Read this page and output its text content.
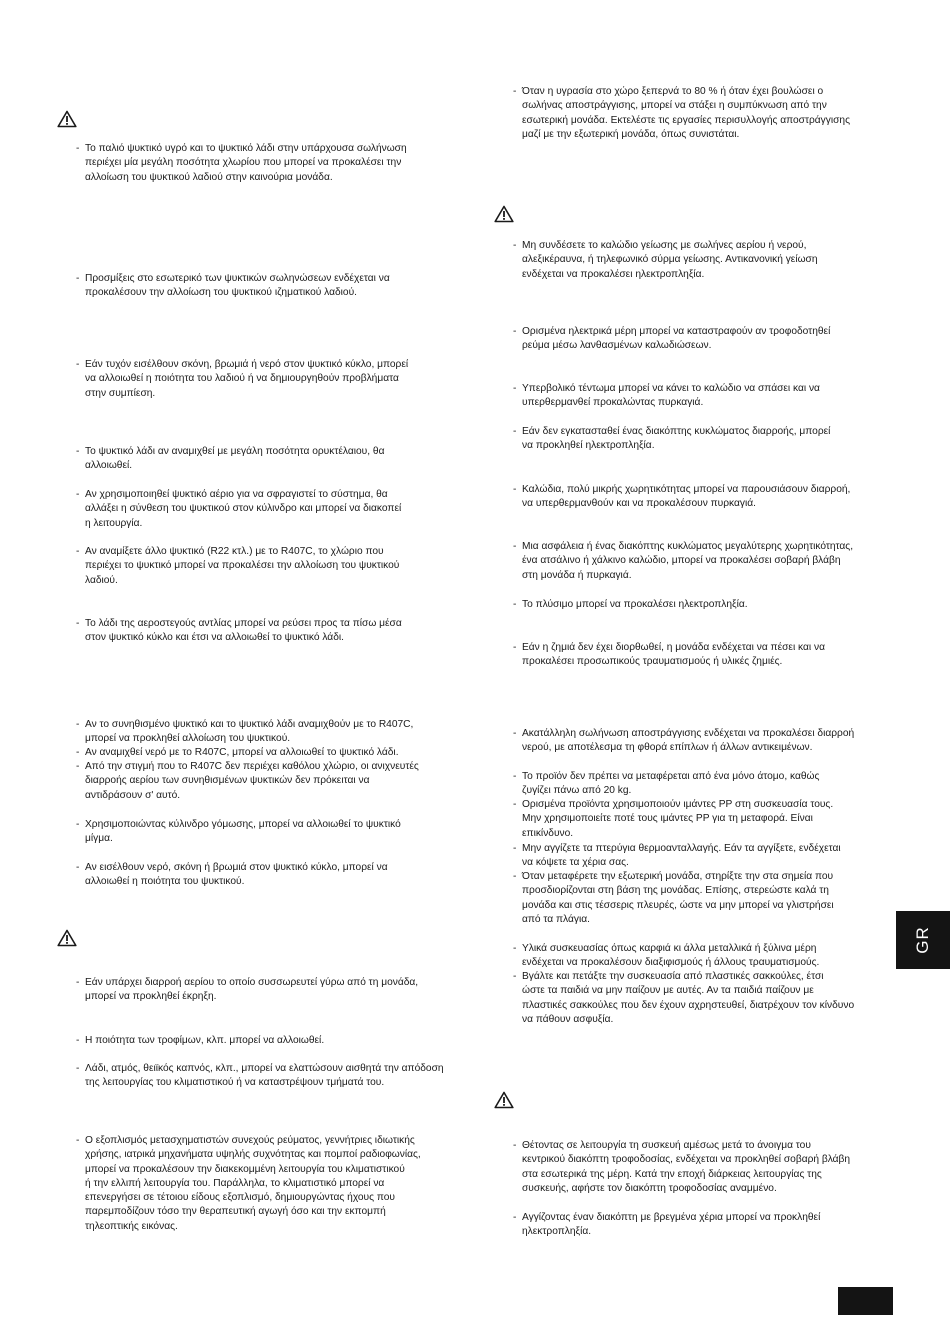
- Το παλιό ψυκτικό υγρό και το ψυκτικό λάδι στην υπάρχουσα σωλήνωση
περιέχει μία μεγάλη ποσότητα χλωρίου που μπορεί να προκαλέσει την
αλλοίωση του ψυκτικού λαδιού στην καινούρια μονάδα.
- Προσμίξεις στο εσωτερικό των ψυκτικών σωληνώσεων ενδέχεται να
προκαλέσουν την αλλοίωση του ψυκτικού ιζηματικού λαδιού.
- Εάν τυχόν εισέλθουν σκόνη, βρωμιά ή νερό στον ψυκτικό κύκλο, μπορεί
να αλλοιωθεί η ποιότητα του λαδιού ή να δημιουργηθούν προβλήματα
στην συμπίεση.
- Το ψυκτικό λάδι αν αναμιχθεί με μεγάλη ποσότητα ορυκτέλαιου, θα
αλλοιωθεί.
- Αν χρησιμοποιηθεί ψυκτικό αέριο για να σφραγιστεί το σύστημα, θα
αλλάξει η σύνθεση του ψυκτικού στον κύλινδρο και μπορεί να διακοπεί
η λειτουργία.
- Αν αναμίξετε άλλο ψυκτικό (R22 κτλ.) με το R407C, το χλώριο που
περιέχει το ψυκτικό μπορεί να προκαλέσει την αλλοίωση του ψυκτικού
λαδιού.
- Το λάδι της αεροστεγούς αντλίας μπορεί να ρεύσει προς τα πίσω μέσα
στον ψυκτικό κύκλο και έτσι να αλλοιωθεί το ψυκτικό λάδι.
- Αν το συνηθισμένο ψυκτικό και το ψυκτικό λάδι αναμιχθούν με το R407C,
μπορεί να προκληθεί αλλοίωση του ψυκτικού.
- Αν αναμιχθεί νερό με το R407C, μπορεί να αλλοιωθεί το ψυκτικό λάδι.
- Από την στιγμή που το R407C δεν περιέχει καθόλου χλώριο, οι ανιχνευτές
διαρροής αερίου των συνηθισμένων ψυκτικών δεν πρόκειται να
αντιδράσουν σ' αυτό.
- Χρησιμοποιώντας κύλινδρο γόμωσης, μπορεί να αλλοιωθεί το ψυκτικό
μίγμα.
- Αν εισέλθουν νερό, σκόνη ή βρωμιά στον ψυκτικό κύκλο, μπορεί να
αλλοιωθεί η ποιότητα του ψυκτικού.
- Εάν υπάρχει διαρροή αερίου το οποίο συσσωρευτεί γύρω από τη μονάδα,
μπορεί να προκληθεί έκρηξη.
- Η ποιότητα των τροφίμων, κλπ. μπορεί να αλλοιωθεί.
- Λάδι, ατμός, θειϊκός καπνός, κλπ., μπορεί να ελαττώσουν αισθητά την απόδοση
της λειτουργίας του κλιματιστικού ή να καταστρέψουν τμήματά του.
- Ο εξοπλισμός μετασχηματιστών συνεχούς ρεύματος, γεννήτριες ιδιωτικής
χρήσης, ιατρικά μηχανήματα υψηλής συχνότητας και πομποί ραδιοφωνίας,
μπορεί να προκαλέσουν την διακεκομμένη λειτουργία του κλιματιστικού
ή την ελλιπή λειτουργία του. Παράλληλα, το κλιματιστικό μπορεί να
επενεργήσει σε τέτοιου είδους εξοπλισμό, δημιουργώντας ήχους που
παρεμποδίζουν τόσο την θεραπευτική αγωγή όσο και την εκπομπή
τηλεοπτικής εικόνας.
- Όταν η υγρασία στο χώρο ξεπερνά το 80 % ή όταν έχει βουλώσει ο
σωλήνας αποστράγγισης, μπορεί να στάξει η συμπύκνωση από την
εσωτερική μονάδα. Εκτελέστε τις εργασίες περισυλλογής αποστράγγισης
μαζί με την εξωτερική μονάδα, όπως συνιστάται.
- Μη συνδέσετε το καλώδιο γείωσης με σωλήνες αερίου ή νερού,
αλεξικέραυνα, ή τηλεφωνικό σύρμα γείωσης. Αντικανονική γείωση
ενδέχεται να προκαλέσει ηλεκτροπληξία.
- Ορισμένα ηλεκτρικά μέρη μπορεί να καταστραφούν αν τροφοδοτηθεί
ρεύμα μέσω λανθασμένων καλωδιώσεων.
- Υπερβολικό τέντωμα μπορεί να κάνει το καλώδιο να σπάσει και να
υπερθερμανθεί προκαλώντας πυρκαγιά.
- Εάν δεν εγκατασταθεί ένας διακόπτης κυκλώματος διαρροής, μπορεί
να προκληθεί ηλεκτροπληξία.
- Καλώδια, πολύ μικρής χωρητικότητας μπορεί να παρουσιάσουν διαρροή,
να υπερθερμανθούν και να προκαλέσουν πυρκαγιά.
- Μια ασφάλεια ή ένας διακόπτης κυκλώματος μεγαλύτερης χωρητικότητας,
ένα ατσάλινο ή χάλκινο καλώδιο, μπορεί να προκαλέσει σοβαρή βλάβη
στη μονάδα ή πυρκαγιά.
- Το πλύσιμο μπορεί να προκαλέσει ηλεκτροπληξία.
- Εάν η ζημιά δεν έχει διορθωθεί, η μονάδα ενδέχεται να πέσει και να
προκαλέσει προσωπικούς τραυματισμούς ή υλικές ζημιές.
- Ακατάλληλη σωλήνωση αποστράγγισης ενδέχεται να προκαλέσει διαρροή
νερού, με αποτέλεσμα τη φθορά επίπλων ή άλλων αντικειμένων.
- Το προϊόν δεν πρέπει να μεταφέρεται από ένα μόνο άτομο, καθώς
ζυγίζει πάνω από 20 kg.
- Ορισμένα προϊόντα χρησιμοποιούν ιμάντες PP στη συσκευασία τους.
Μην χρησιμοποιείτε ποτέ τους ιμάντες PP για τη μεταφορά. Είναι
επικίνδυνο.
- Μην αγγίζετε τα πτερύγια θερμοανταλλαγής. Εάν τα αγγίξετε, ενδέχεται
να κόψετε τα χέρια σας.
- Όταν μεταφέρετε την εξωτερική μονάδα, στηρίξτε την στα σημεία που
προσδιορίζονται στη βάση της μονάδας. Επίσης, στερεώστε καλά τη
μονάδα και στις τέσσερις πλευρές, ώστε να μην μπορεί να γλιστρήσει
από τα πλάγια.
- Υλικά συσκευασίας όπως καρφιά κι άλλα μεταλλικά ή ξύλινα μέρη
ενδέχεται να προκαλέσουν διαξιφισμούς ή άλλους τραυματισμούς.
- Βγάλτε και πετάξτε την συσκευασία από πλαστικές σακκούλες, έτσι
ώστε τα παιδιά να μην παίζουν με αυτές. Αν τα παιδιά παίζουν με
πλαστικές σακκούλες που δεν έχουν αχρηστευθεί, διατρέχουν τον κίνδυνο
να πάθουν ασφυξία.
- Θέτοντας σε λειτουργία τη συσκευή αμέσως μετά το άνοιγμα του
κεντρικού διακόπτη τροφοδοσίας, ενδέχεται να προκληθεί σοβαρή βλάβη
στα εσωτερικά της μέρη. Κατά την εποχή διάρκειας λειτουργίας της
συσκευής, αφήστε τον διακόπτη τροφοδοσίας αναμμένο.
- Αγγίζοντας έναν διακόπτη με βρεγμένα χέρια μπορεί να προκληθεί
ηλεκτροπληξία.
GR
